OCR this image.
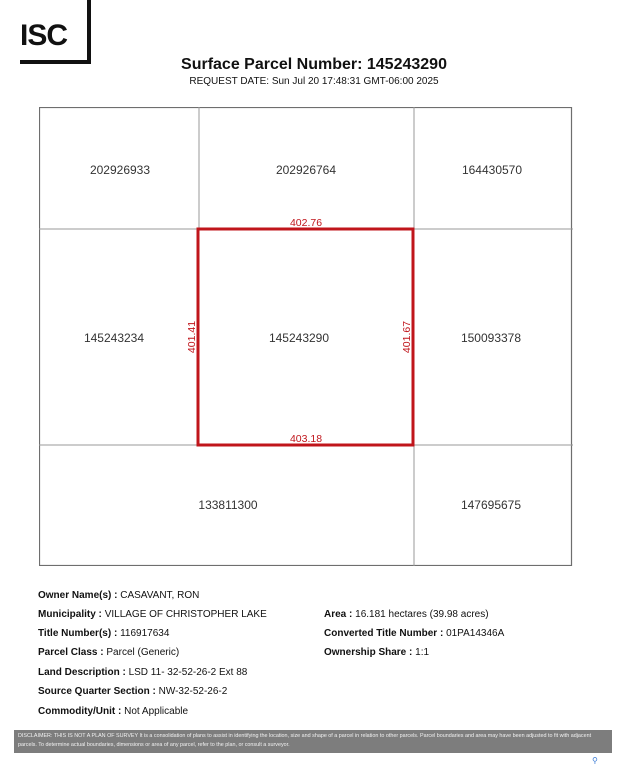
ISC
Surface Parcel Number: 145243290
REQUEST DATE: Sun Jul 20 17:48:31 GMT-06:00 2025
202926933	202926764	164430570
145243234	145243290	150093378
133811300	147695675
402.76
403.18
401.41	401.67
Owner Name(s) : CASAVANT, RON
Municipality : VILLAGE OF CHRISTOPHER LAKE
Title Number(s) : 116917634
Parcel Class : Parcel (Generic)
Land Description : LSD 11- 32-52-26-2 Ext 88
Source Quarter Section : NW-32-52-26-2
Commodity/Unit : Not Applicable
Area : 16.181 hectares (39.98 acres)
Converted Title Number : 01PA14346A
Ownership Share : 1:1
DISCLAIMER: THIS IS NOT A PLAN OF SURVEY It is a consolidation of plans to assist in identifying the location, size and shape of a parcel in relation to other parcels. Parcel boundaries and area may have been adjusted to fit with adjacent parcels. To determine actual boundaries, dimensions or area of any parcel, refer to the plan, or consult a surveyor.
⚲
